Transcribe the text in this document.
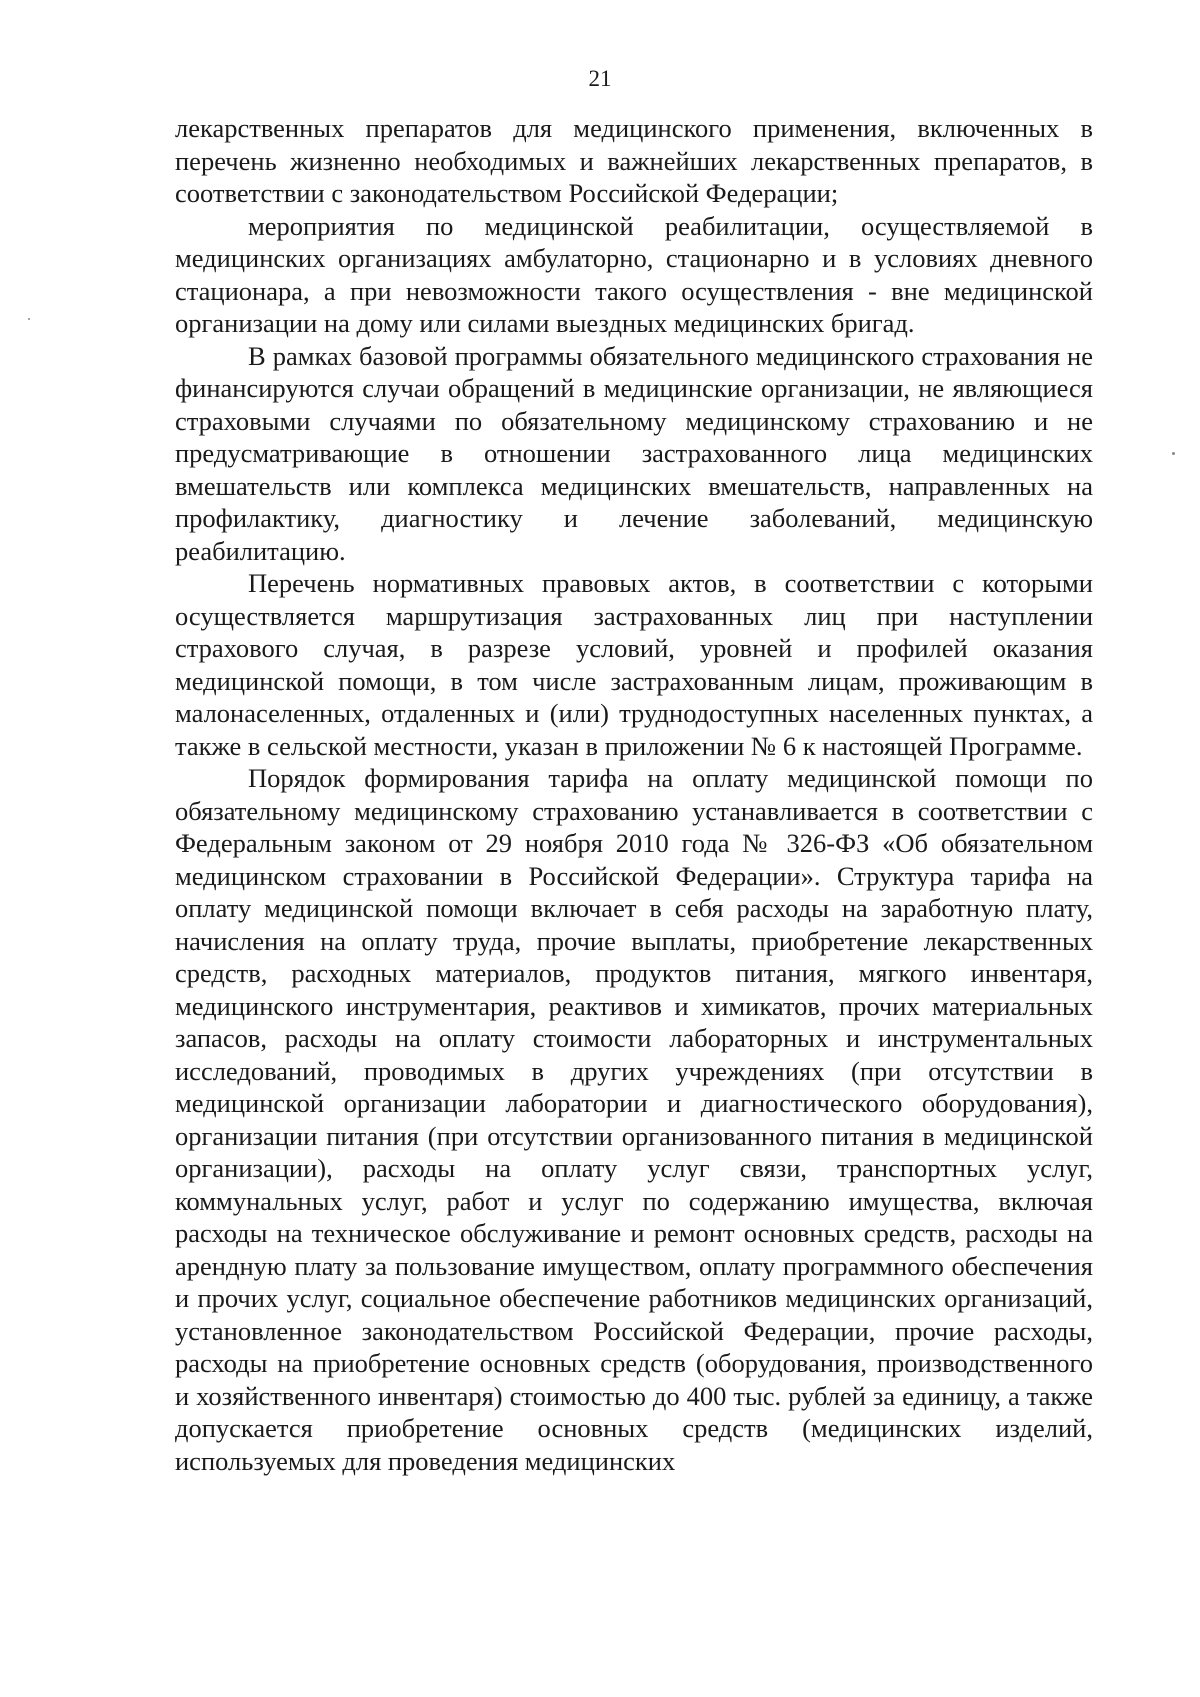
21

лекарственных препаратов для медицинского применения, включенных в перечень жизненно необходимых и важнейших лекарственных препаратов, в соответствии с законодательством Российской Федерации;

мероприятия по медицинской реабилитации, осуществляемой в медицинских организациях амбулаторно, стационарно и в условиях дневного стационара, а при невозможности такого осуществления - вне медицинской организации на дому или силами выездных медицинских бригад.

В рамках базовой программы обязательного медицинского страхования не финансируются случаи обращений в медицинские организации, не являющиеся страховыми случаями по обязательному медицинскому страхованию и не предусматривающие в отношении застрахованного лица медицинских вмешательств или комплекса медицинских вмешательств, направленных на профилактику, диагностику и лечение заболеваний, медицинскую реабилитацию.

Перечень нормативных правовых актов, в соответствии с которыми осуществляется маршрутизация застрахованных лиц при наступлении страхового случая, в разрезе условий, уровней и профилей оказания медицинской помощи, в том числе застрахованным лицам, проживающим в малонаселенных, отдаленных и (или) труднодоступных населенных пунктах, а также в сельской местности, указан в приложении № 6 к настоящей Программе.

Порядок формирования тарифа на оплату медицинской помощи по обязательному медицинскому страхованию устанавливается в соответствии с Федеральным законом от 29 ноября 2010 года № 326-ФЗ «Об обязательном медицинском страховании в Российской Федерации». Структура тарифа на оплату медицинской помощи включает в себя расходы на заработную плату, начисления на оплату труда, прочие выплаты, приобретение лекарственных средств, расходных материалов, продуктов питания, мягкого инвентаря, медицинского инструментария, реактивов и химикатов, прочих материальных запасов, расходы на оплату стоимости лабораторных и инструментальных исследований, проводимых в других учреждениях (при отсутствии в медицинской организации лаборатории и диагностического оборудования), организации питания (при отсутствии организованного питания в медицинской организации), расходы на оплату услуг связи, транспортных услуг, коммунальных услуг, работ и услуг по содержанию имущества, включая расходы на техническое обслуживание и ремонт основных средств, расходы на арендную плату за пользование имуществом, оплату программного обеспечения и прочих услуг, социальное обеспечение работников медицинских организаций, установленное законодательством Российской Федерации, прочие расходы, расходы на приобретение основных средств (оборудования, производственного и хозяйственного инвентаря) стоимостью до 400 тыс. рублей за единицу, а также допускается приобретение основных средств (медицинских изделий, используемых для проведения медицинских
